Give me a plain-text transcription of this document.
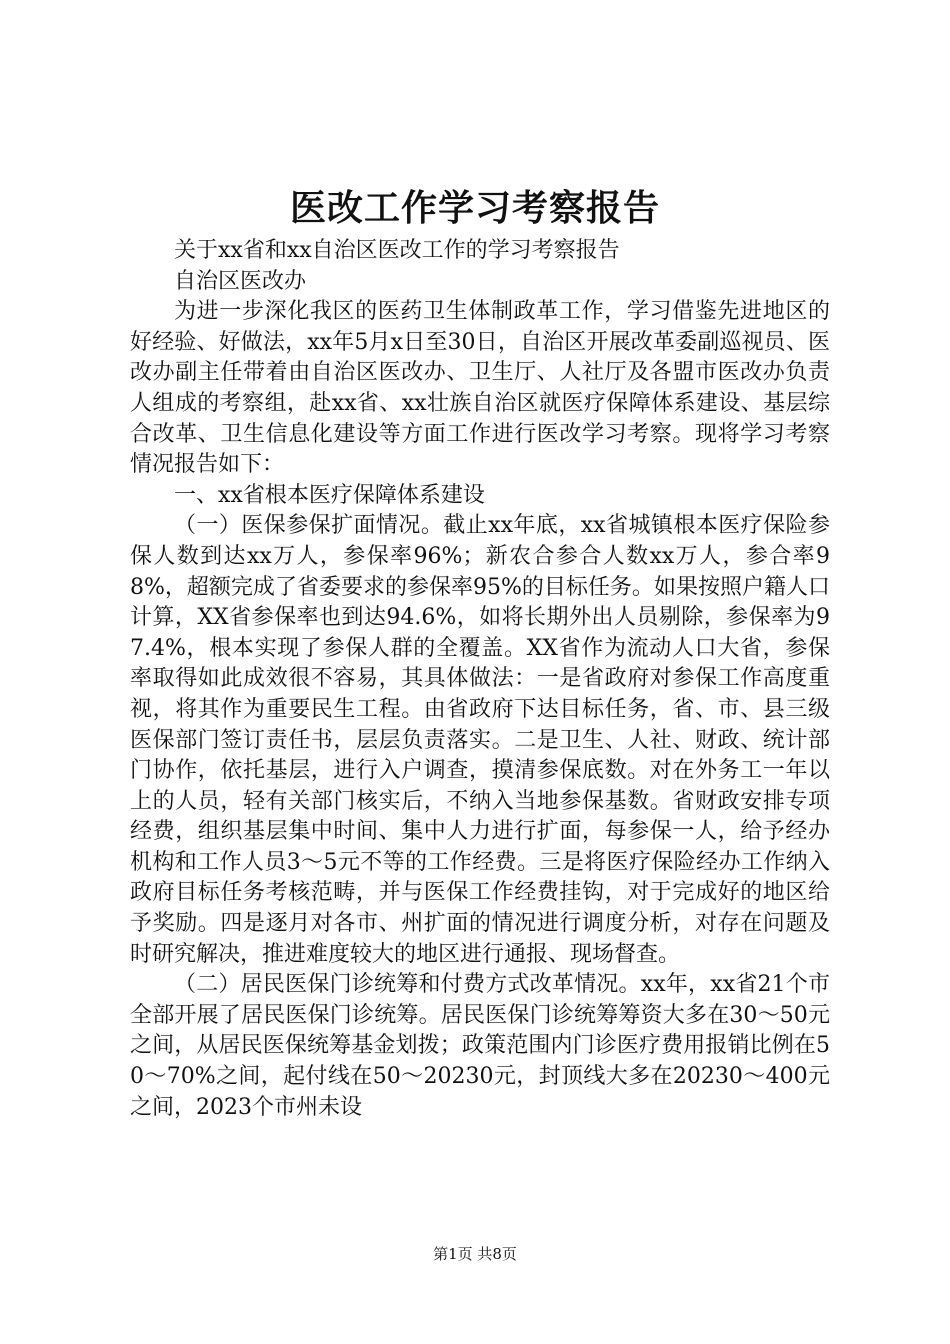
医改工作学习考察报告

关于xx省和xx自治区医改工作的学习考察报告

自治区医改办

为进一步深化我区的医药卫生体制政革工作，学习借鉴先进地区的好经验、好做法，xx年5月x日至30日，自治区开展改革委副巡视员、医改办副主任带着由自治区医改办、卫生厅、人社厅及各盟市医改办负责人组成的考察组，赴xx省、xx壮族自治区就医疗保障体系建设、基层综合改革、卫生信息化建设等方面工作进行医改学习考察。现将学习考察情况报告如下：

一、xx省根本医疗保障体系建设

（一）医保参保扩面情况。截止xx年底，xx省城镇根本医疗保险参保人数到达xx万人，参保率96%；新农合参合人数xx万人，参合率98%，超额完成了省委要求的参保率95%的目标任务。如果按照户籍人口计算，XX省参保率也到达94.6%，如将长期外出人员剔除，参保率为97.4%，根本实现了参保人群的全覆盖。XX省作为流动人口大省，参保率取得如此成效很不容易，其具体做法：一是省政府对参保工作高度重视，将其作为重要民生工程。由省政府下达目标任务，省、市、县三级医保部门签订责任书，层层负责落实。二是卫生、人社、财政、统计部门协作，依托基层，进行入户调查，摸清参保底数。对在外务工一年以上的人员，轻有关部门核实后，不纳入当地参保基数。省财政安排专项经费，组织基层集中时间、集中人力进行扩面，每参保一人，给予经办机构和工作人员3～5元不等的工作经费。三是将医疗保险经办工作纳入政府目标任务考核范畴，并与医保工作经费挂钩，对于完成好的地区给予奖励。四是逐月对各市、州扩面的情况进行调度分析，对存在问题及时研究解决，推进难度较大的地区进行通报、现场督查。

（二）居民医保门诊统筹和付费方式改革情况。xx年，xx省21个市全部开展了居民医保门诊统筹。居民医保门诊统筹筹资大多在30～50元之间，从居民医保统筹基金划拨；政策范围内门诊医疗费用报销比例在50～70%之间，起付线在50～20230元，封顶线大多在20230～400元之间，2023个市州未设

第1页 共8页
